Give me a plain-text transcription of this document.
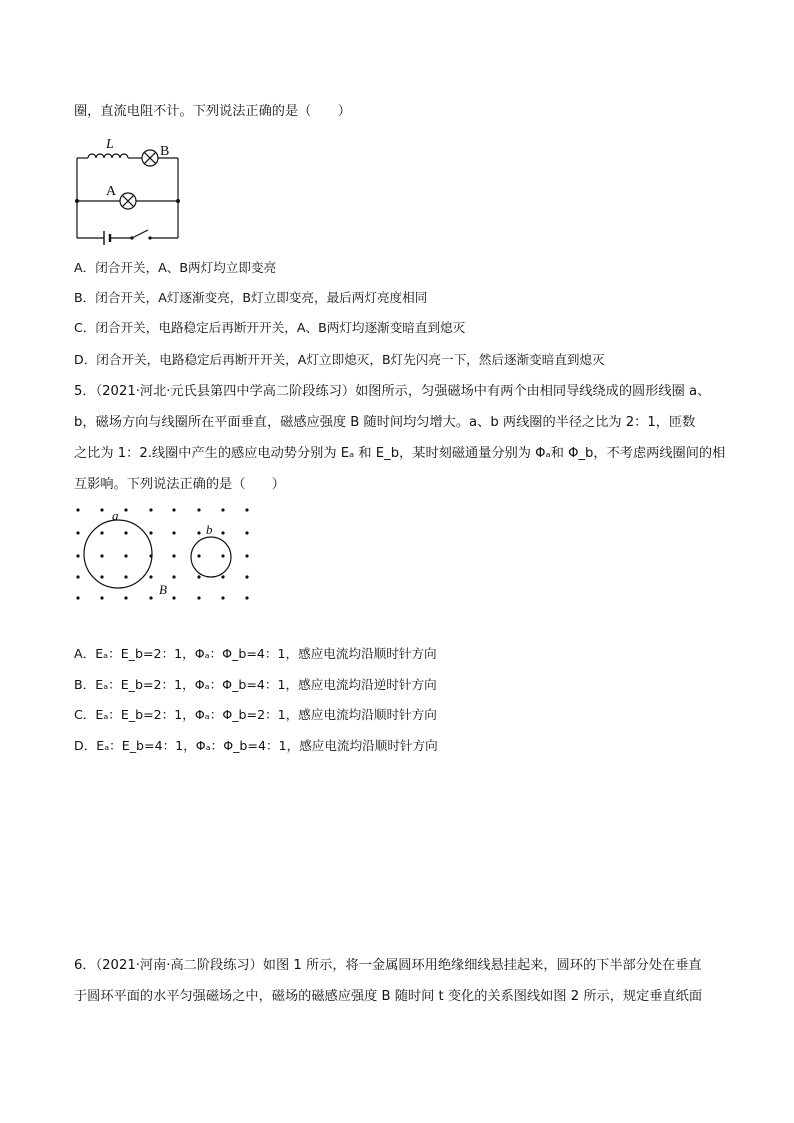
圈，直流电阻不计。下列说法正确的是（　　）
L	B
A
A．闭合开关，A、B两灯均立即变亮
B．闭合开关，A灯逐渐变亮，B灯立即变亮，最后两灯亮度相同
C．闭合开关，电路稳定后再断开开关，A、B两灯均逐渐变暗直到熄灭
D．闭合开关，电路稳定后再断开开关，A灯立即熄灭，B灯先闪亮一下，然后逐渐变暗直到熄灭
5．（2021·河北·元氏县第四中学高二阶段练习）如图所示，匀强磁场中有两个由相同导线绕成的圆形线圈 a、
b，磁场方向与线圈所在平面垂直，磁感应强度 B 随时间均匀增大。a、b 两线圈的半径之比为 2：1，匝数
之比为 1：2.线圈中产生的感应电动势分别为 Eₐ 和 E_b，某时刻磁通量分别为 Φₐ和 Φ_b，不考虑两线圈间的相
互影响。下列说法正确的是（　　）
a
b
B
A．Eₐ：E_b=2：1，Φₐ：Φ_b=4：1，感应电流均沿顺时针方向
B．Eₐ：E_b=2：1，Φₐ：Φ_b=4：1，感应电流均沿逆时针方向
C．Eₐ：E_b=2：1，Φₐ：Φ_b=2：1，感应电流均沿顺时针方向
D．Eₐ：E_b=4：1，Φₐ：Φ_b=4：1，感应电流均沿顺时针方向
6．（2021·河南·高二阶段练习）如图 1 所示，将一金属圆环用绝缘细线悬挂起来，圆环的下半部分处在垂直
于圆环平面的水平匀强磁场之中，磁场的磁感应强度 B 随时间 t 变化的关系图线如图 2 所示，规定垂直纸面
